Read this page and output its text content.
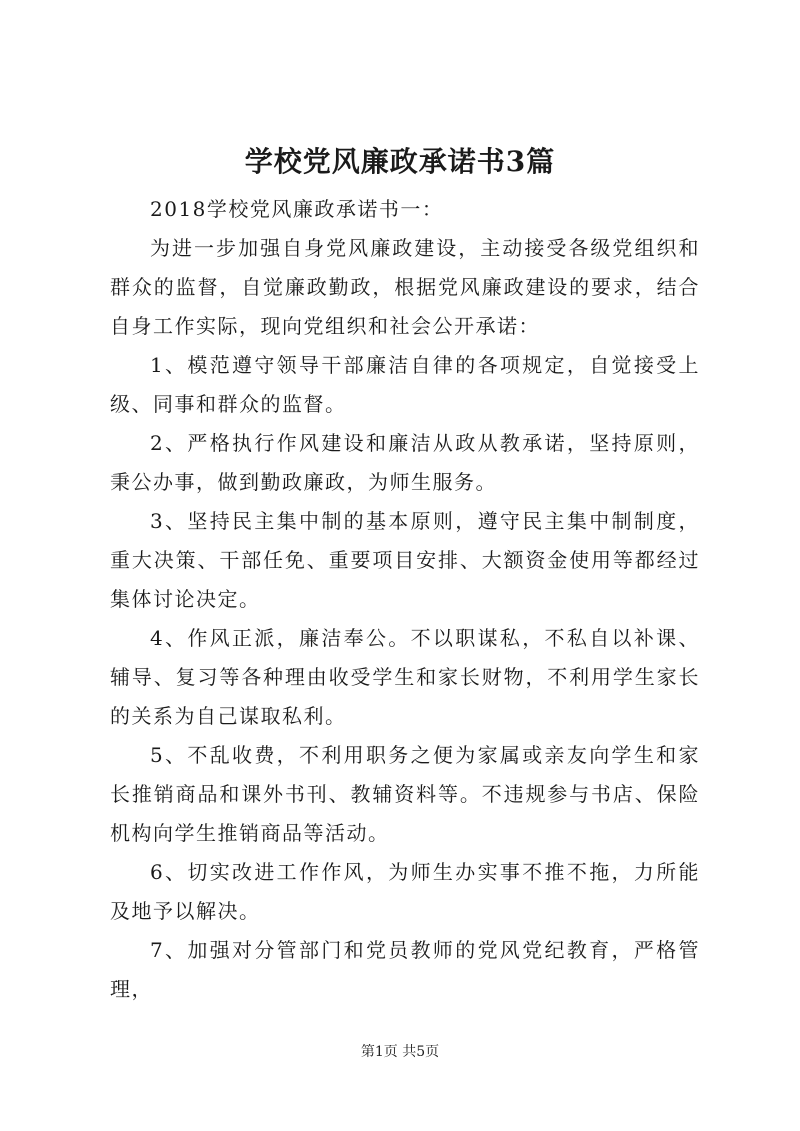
学校党风廉政承诺书3篇

2018学校党风廉政承诺书一：

为进一步加强自身党风廉政建设，主动接受各级党组织和群众的监督，自觉廉政勤政，根据党风廉政建设的要求，结合自身工作实际，现向党组织和社会公开承诺：

1、模范遵守领导干部廉洁自律的各项规定，自觉接受上级、同事和群众的监督。

2、严格执行作风建设和廉洁从政从教承诺，坚持原则，秉公办事，做到勤政廉政，为师生服务。

3、坚持民主集中制的基本原则，遵守民主集中制制度，重大决策、干部任免、重要项目安排、大额资金使用等都经过集体讨论决定。

4、作风正派，廉洁奉公。不以职谋私，不私自以补课、辅导、复习等各种理由收受学生和家长财物，不利用学生家长的关系为自己谋取私利。

5、不乱收费，不利用职务之便为家属或亲友向学生和家长推销商品和课外书刊、教辅资料等。不违规参与书店、保险机构向学生推销商品等活动。

6、切实改进工作作风，为师生办实事不推不拖，力所能及地予以解决。

7、加强对分管部门和党员教师的党风党纪教育，严格管理，

第1页 共5页
